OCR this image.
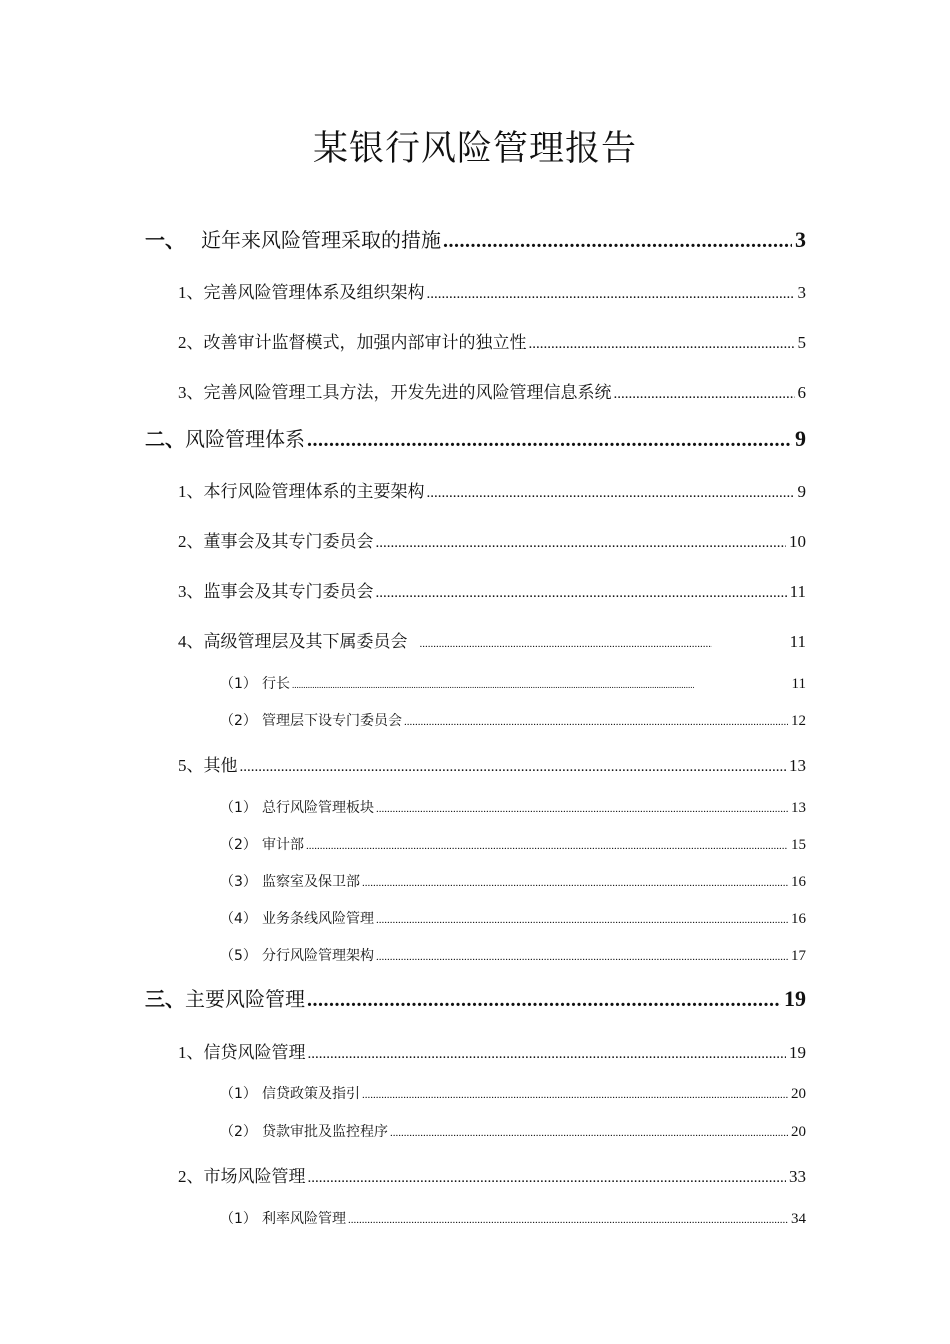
某银行风险管理报告
一、 近年来风险管理采取的措施 .....	3
1、 完善风险管理体系及组织架构 .....	3
2、 改善审计监督模式，加强内部审计的独立性 .....	5
3、 完善风险管理工具方法，开发先进的风险管理信息系统 .....	6
二、 风险管理体系 .....	9
1、 本行风险管理体系的主要架构 .....	9
2、 董事会及其专门委员会 .....	10
3、 监事会及其专门委员会 .....	11
4、 高级管理层及其下属委员会 .....	11
（1） 行长 .....	11
（2） 管理层下设专门委员会 .....	12
5、 其他 .....	13
（1） 总行风险管理板块 .....	13
（2） 审计部 .....	15
（3） 监察室及保卫部 .....	16
（4） 业务条线风险管理 .....	16
（5） 分行风险管理架构 .....	17
三、 主要风险管理 .....	19
1、 信贷风险管理 .....	19
（1） 信贷政策及指引 .....	20
（2） 贷款审批及监控程序 .....	20
2、 市场风险管理 .....	33
（1） 利率风险管理 .....	34
